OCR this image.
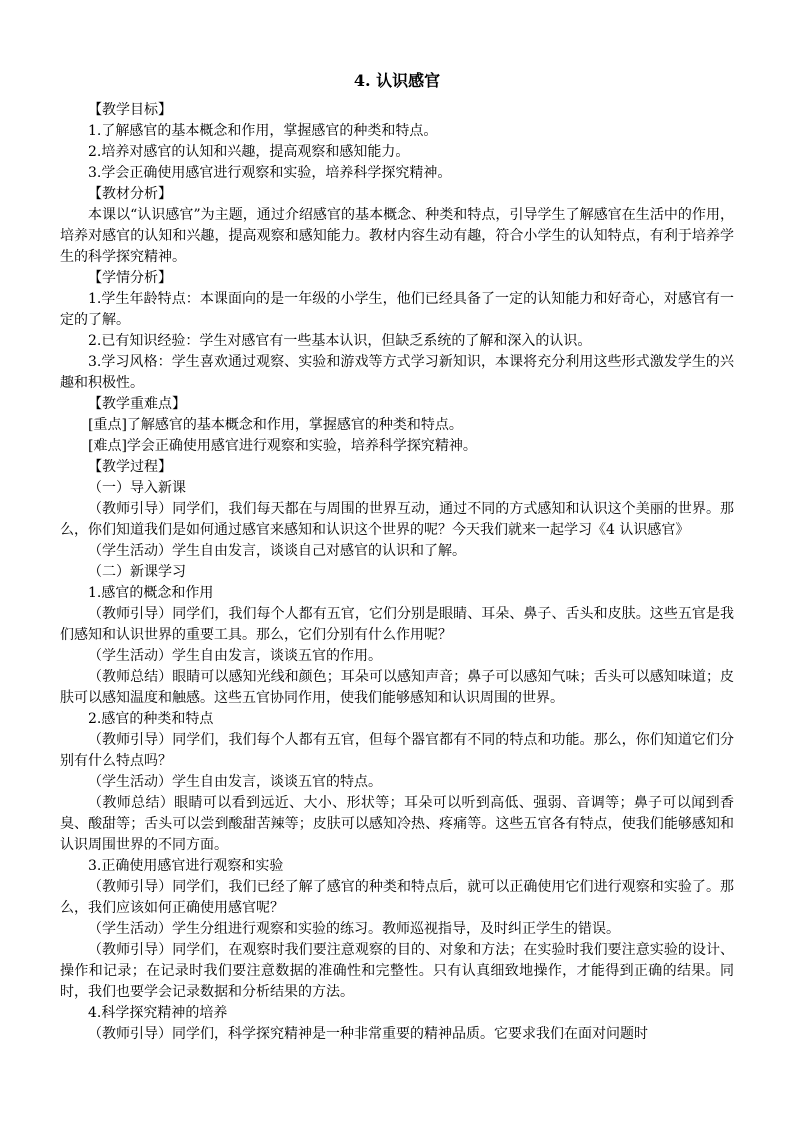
4. 认识感官

【教学目标】

1.了解感官的基本概念和作用，掌握感官的种类和特点。

2.培养对感官的认知和兴趣，提高观察和感知能力。

3.学会正确使用感官进行观察和实验，培养科学探究精神。

【教材分析】

本课以“认识感官”为主题，通过介绍感官的基本概念、种类和特点，引导学生了解感官在生活中的作用，培养对感官的认知和兴趣，提高观察和感知能力。教材内容生动有趣，符合小学生的认知特点，有利于培养学生的科学探究精神。

【学情分析】

1.学生年龄特点：本课面向的是一年级的小学生，他们已经具备了一定的认知能力和好奇心，对感官有一定的了解。

2.已有知识经验：学生对感官有一些基本认识，但缺乏系统的了解和深入的认识。

3.学习风格：学生喜欢通过观察、实验和游戏等方式学习新知识，本课将充分利用这些形式激发学生的兴趣和积极性。

【教学重难点】

[重点]了解感官的基本概念和作用，掌握感官的种类和特点。

[难点]学会正确使用感官进行观察和实验，培养科学探究精神。

【教学过程】

（一）导入新课

（教师引导）同学们，我们每天都在与周围的世界互动，通过不同的方式感知和认识这个美丽的世界。那么，你们知道我们是如何通过感官来感知和认识这个世界的呢？今天我们就来一起学习《4 认识感官》

（学生活动）学生自由发言，谈谈自己对感官的认识和了解。

（二）新课学习

1.感官的概念和作用

（教师引导）同学们，我们每个人都有五官，它们分别是眼睛、耳朵、鼻子、舌头和皮肤。这些五官是我们感知和认识世界的重要工具。那么，它们分别有什么作用呢？

（学生活动）学生自由发言，谈谈五官的作用。

（教师总结）眼睛可以感知光线和颜色；耳朵可以感知声音；鼻子可以感知气味；舌头可以感知味道；皮肤可以感知温度和触感。这些五官协同作用，使我们能够感知和认识周围的世界。

2.感官的种类和特点

（教师引导）同学们，我们每个人都有五官，但每个器官都有不同的特点和功能。那么，你们知道它们分别有什么特点吗？

（学生活动）学生自由发言，谈谈五官的特点。

（教师总结）眼睛可以看到远近、大小、形状等；耳朵可以听到高低、强弱、音调等；鼻子可以闻到香臭、酸甜等；舌头可以尝到酸甜苦辣等；皮肤可以感知冷热、疼痛等。这些五官各有特点，使我们能够感知和认识周围世界的不同方面。

3.正确使用感官进行观察和实验

（教师引导）同学们，我们已经了解了感官的种类和特点后，就可以正确使用它们进行观察和实验了。那么，我们应该如何正确使用感官呢？

（学生活动）学生分组进行观察和实验的练习。教师巡视指导，及时纠正学生的错误。

（教师引导）同学们，在观察时我们要注意观察的目的、对象和方法；在实验时我们要注意实验的设计、操作和记录；在记录时我们要注意数据的准确性和完整性。只有认真细致地操作，才能得到正确的结果。同时，我们也要学会记录数据和分析结果的方法。

4.科学探究精神的培养

（教师引导）同学们，科学探究精神是一种非常重要的精神品质。它要求我们在面对问题时
